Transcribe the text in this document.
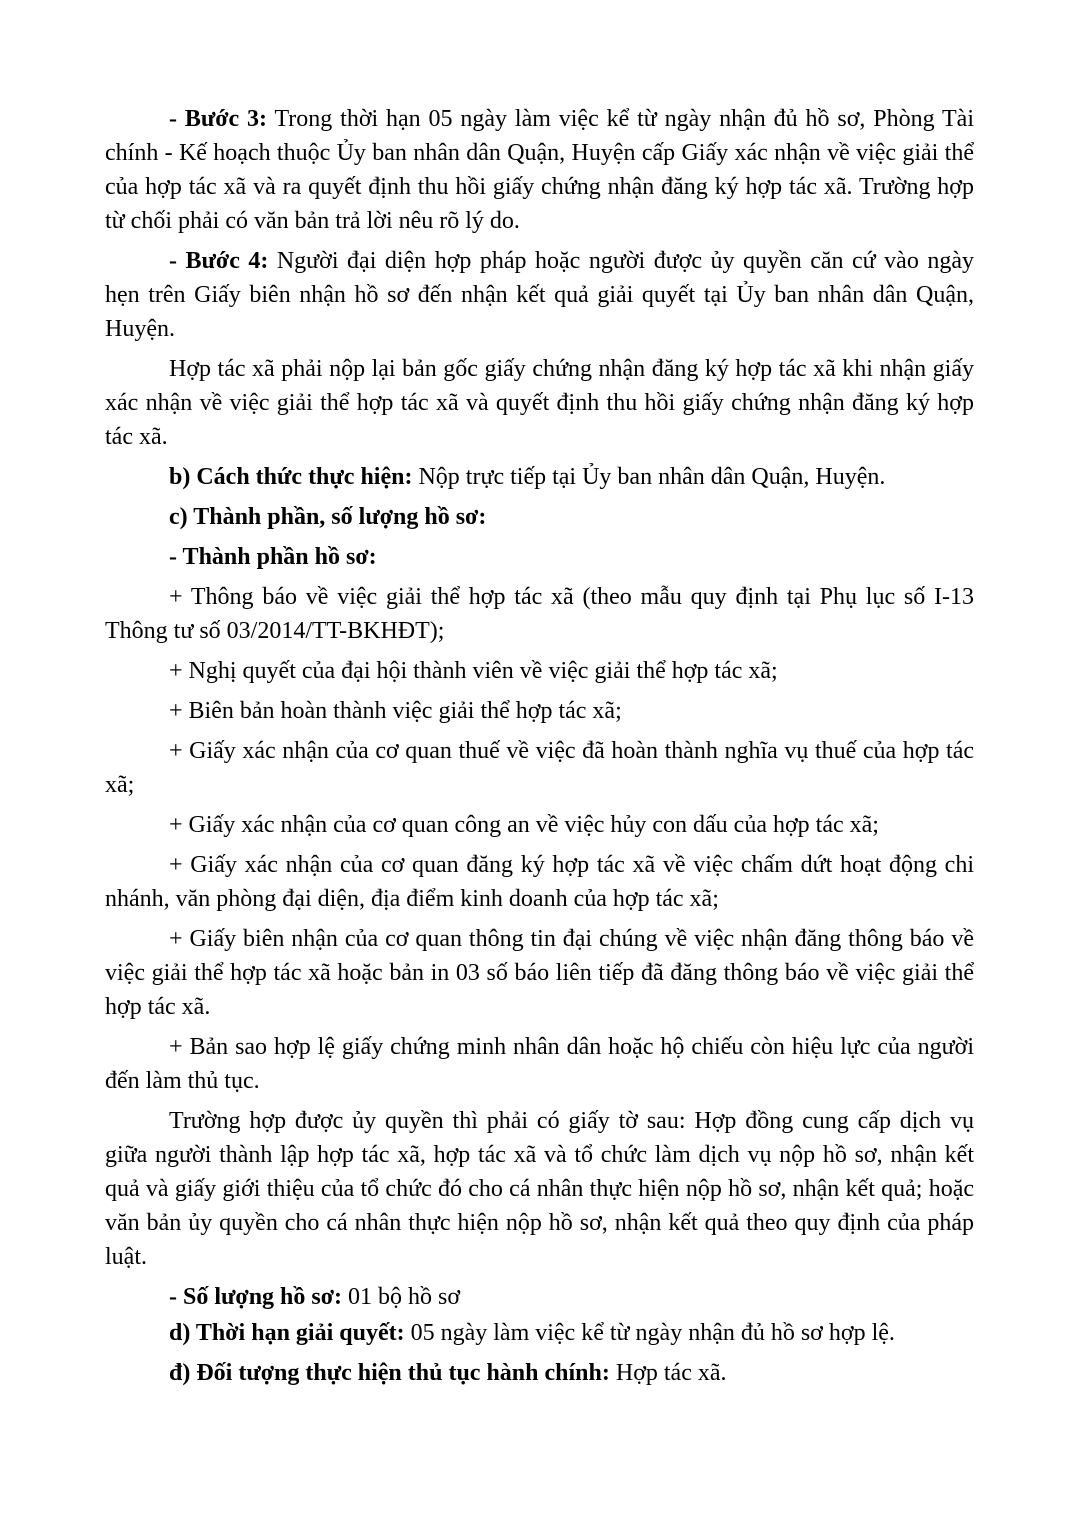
- Bước 3: Trong thời hạn 05 ngày làm việc kể từ ngày nhận đủ hồ sơ, Phòng Tài chính - Kế hoạch thuộc Ủy ban nhân dân Quận, Huyện cấp Giấy xác nhận về việc giải thể của hợp tác xã và ra quyết định thu hồi giấy chứng nhận đăng ký hợp tác xã. Trường hợp từ chối phải có văn bản trả lời nêu rõ lý do.

- Bước 4: Người đại diện hợp pháp hoặc người được ủy quyền căn cứ vào ngày hẹn trên Giấy biên nhận hồ sơ đến nhận kết quả giải quyết tại Ủy ban nhân dân Quận, Huyện.

Hợp tác xã phải nộp lại bản gốc giấy chứng nhận đăng ký hợp tác xã khi nhận giấy xác nhận về việc giải thể hợp tác xã và quyết định thu hồi giấy chứng nhận đăng ký hợp tác xã.

b) Cách thức thực hiện: Nộp trực tiếp tại Ủy ban nhân dân Quận, Huyện.

c) Thành phần, số lượng hồ sơ:

- Thành phần hồ sơ:

+ Thông báo về việc giải thể hợp tác xã (theo mẫu quy định tại Phụ lục số I-13 Thông tư số 03/2014/TT-BKHĐT);

+ Nghị quyết của đại hội thành viên về việc giải thể hợp tác xã;

+ Biên bản hoàn thành việc giải thể hợp tác xã;

+ Giấy xác nhận của cơ quan thuế về việc đã hoàn thành nghĩa vụ thuế của hợp tác xã;

+ Giấy xác nhận của cơ quan công an về việc hủy con dấu của hợp tác xã;

+ Giấy xác nhận của cơ quan đăng ký hợp tác xã về việc chấm dứt hoạt động chi nhánh, văn phòng đại diện, địa điểm kinh doanh của hợp tác xã;

+ Giấy biên nhận của cơ quan thông tin đại chúng về việc nhận đăng thông báo về việc giải thể hợp tác xã hoặc bản in 03 số báo liên tiếp đã đăng thông báo về việc giải thể hợp tác xã.

+ Bản sao hợp lệ giấy chứng minh nhân dân hoặc hộ chiếu còn hiệu lực của người đến làm thủ tục.

Trường hợp được ủy quyền thì phải có giấy tờ sau: Hợp đồng cung cấp dịch vụ giữa người thành lập hợp tác xã, hợp tác xã và tổ chức làm dịch vụ nộp hồ sơ, nhận kết quả và giấy giới thiệu của tổ chức đó cho cá nhân thực hiện nộp hồ sơ, nhận kết quả; hoặc văn bản ủy quyền cho cá nhân thực hiện nộp hồ sơ, nhận kết quả theo quy định của pháp luật.

- Số lượng hồ sơ: 01 bộ hồ sơ

d) Thời hạn giải quyết: 05 ngày làm việc kể từ ngày nhận đủ hồ sơ hợp lệ.

đ) Đối tượng thực hiện thủ tục hành chính: Hợp tác xã.
